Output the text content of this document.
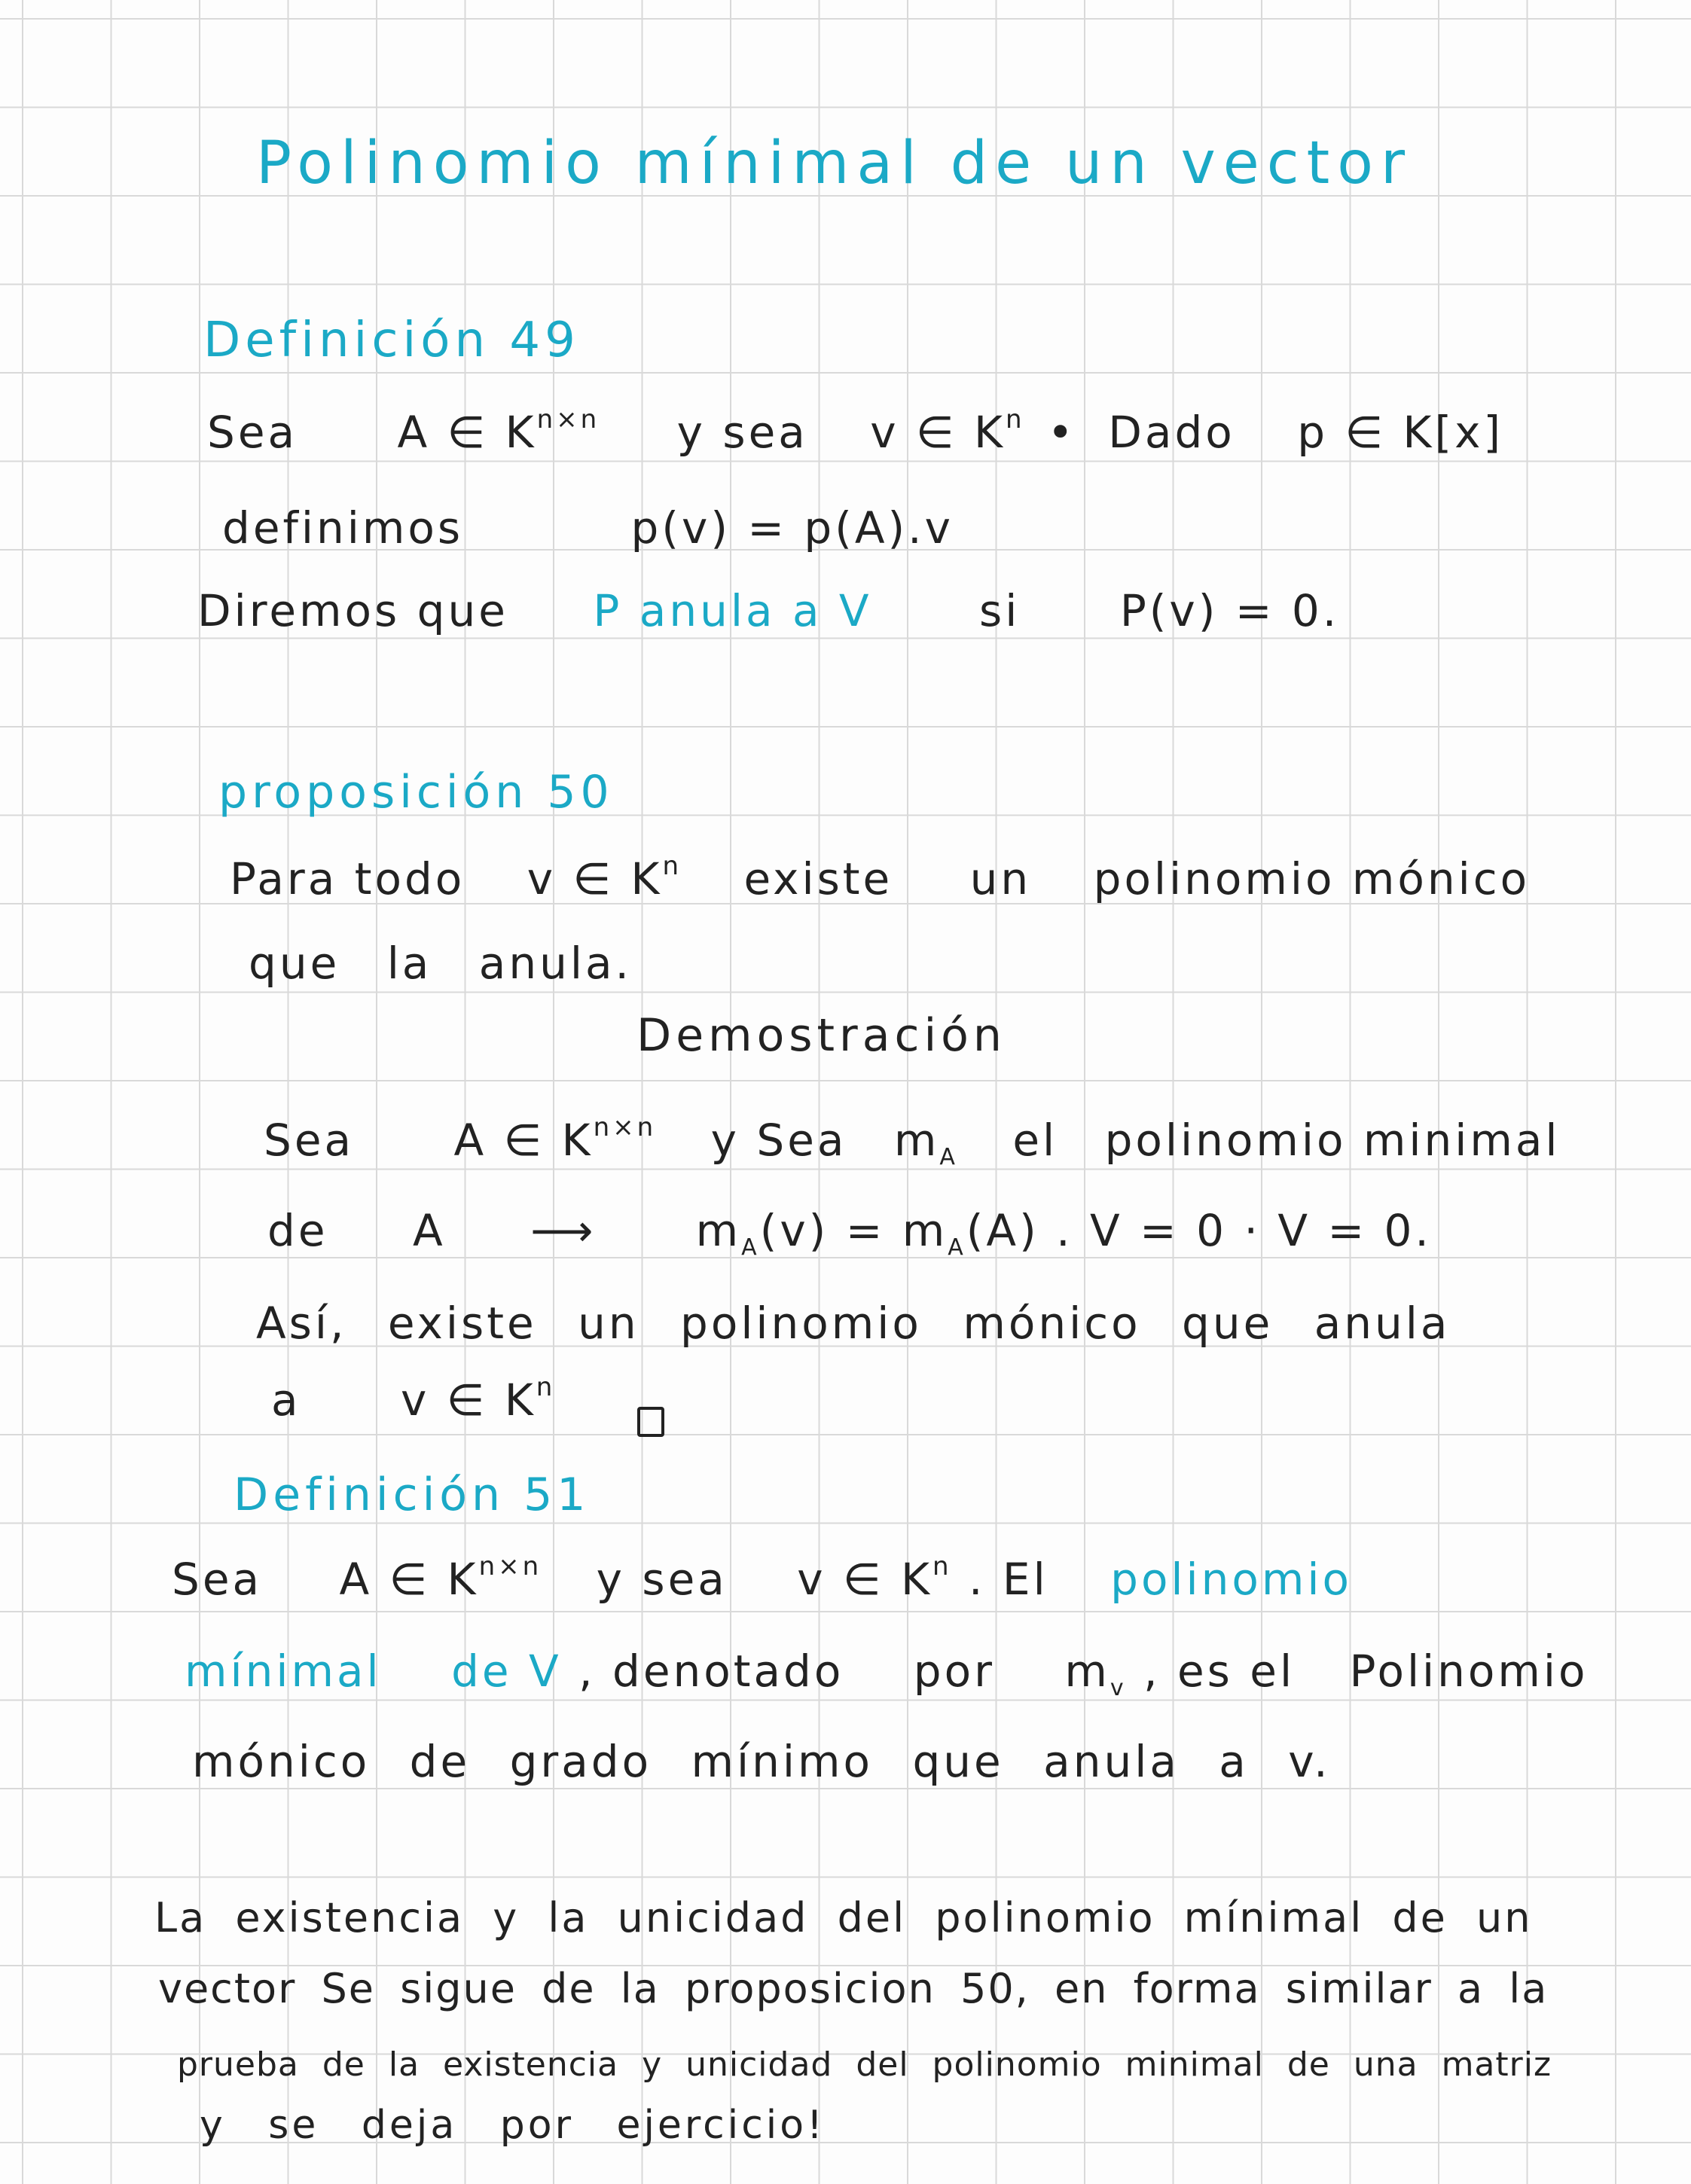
Polinomio mínimal de un vector
Definición 49
Sea A ∈ $K^{n\times n}$ y sea v ∈ $K^n$ • Dado p ∈ K[x]
definimos	p(v) = p(A).v
Diremos que P anula a V si P(v) = 0.
proposición 50
Para todo v ∈ $K^n$ existe un polinomio mónico
que la anula.
Demostración
Sea A ∈ $K^{n\times n}$ y Sea $m_A$ el polinomio minimal
de A ⟶ $m_A(v) = m_A(A)$ . V = 0 · V = 0.
Así, existe un polinomio mónico que anula
a v ∈ $K^n$
Definición 51
Sea A ∈ $K^{n\times n}$ y sea v ∈ $K^n$ . El polinomio
mínimal de V , denotado por $m_v$ , es el Polinomio
mónico de grado mínimo que anula a v.
La existencia y la unicidad del polinomio mínimal de un
vector Se sigue de la proposicion 50, en forma similar a la
prueba de la existencia y unicidad del polinomio minimal de una matriz
y se deja por ejercicio!
